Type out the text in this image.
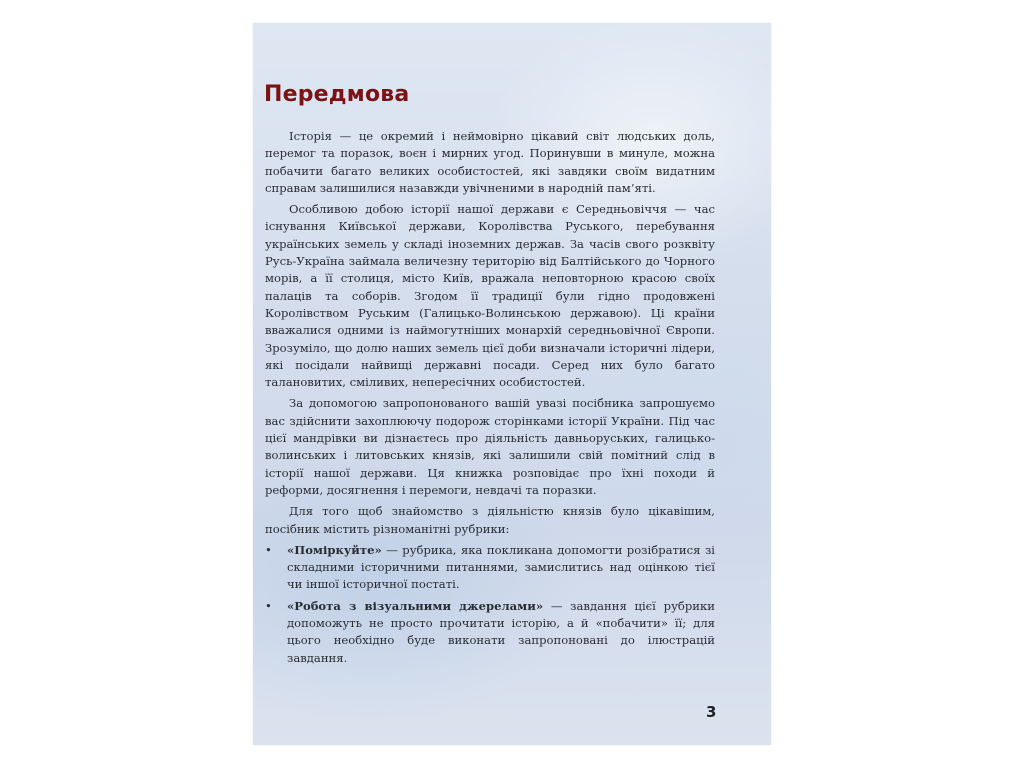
Передмова

Історія — це окремий і неймовірно цікавий світ людських доль, перемог та поразок, воєн і мирних угод. Поринувши в минуле, можна побачити багато великих особистостей, які завдяки своїм видатним справам залишилися назавжди увічненими в народній пам’яті.

Особливою добою історії нашої держави є Середньовіччя — час існування Київської держави, Королівства Руського, перебування українських земель у складі іноземних держав. За часів свого розквіту Русь-Україна займала величезну територію від Балтійського до Чорного морів, а її столиця, місто Київ, вражала неповторною красою своїх палаців та соборів. Згодом її традиції були гідно продовжені Королівством Руським (Галицько-Волинською державою). Ці країни вважалися одними із наймогутніших монархій середньовічної Європи. Зрозуміло, що долю наших земель цієї доби визначали історичні лідери, які посідали найвищі державні посади. Серед них було багато талановитих, сміливих, непересічних особистостей.

За допомогою запропонованого вашій увазі посібника запрошуємо вас здійснити захоплюючу подорож сторінками історії України. Під час цієї мандрівки ви дізнаєтесь про діяльність давньоруських, галицько-волинських і литовських князів, які залишили свій помітний слід в історії нашої держави. Ця книжка розповідає про їхні походи й реформи, досягнення і перемоги, невдачі та поразки.

Для того щоб знайомство з діяльністю князів було цікавішим, посібник містить різноманітні рубрики:

• «Поміркуйте» — рубрика, яка покликана допомогти розібратися зі складними історичними питаннями, замислитись над оцінкою тієї чи іншої історичної постаті.
• «Робота з візуальними джерелами» — завдання цієї рубрики допоможуть не просто прочитати історію, а й «побачити» її; для цього необхідно буде виконати запропоновані до ілюстрацій завдання.
3
